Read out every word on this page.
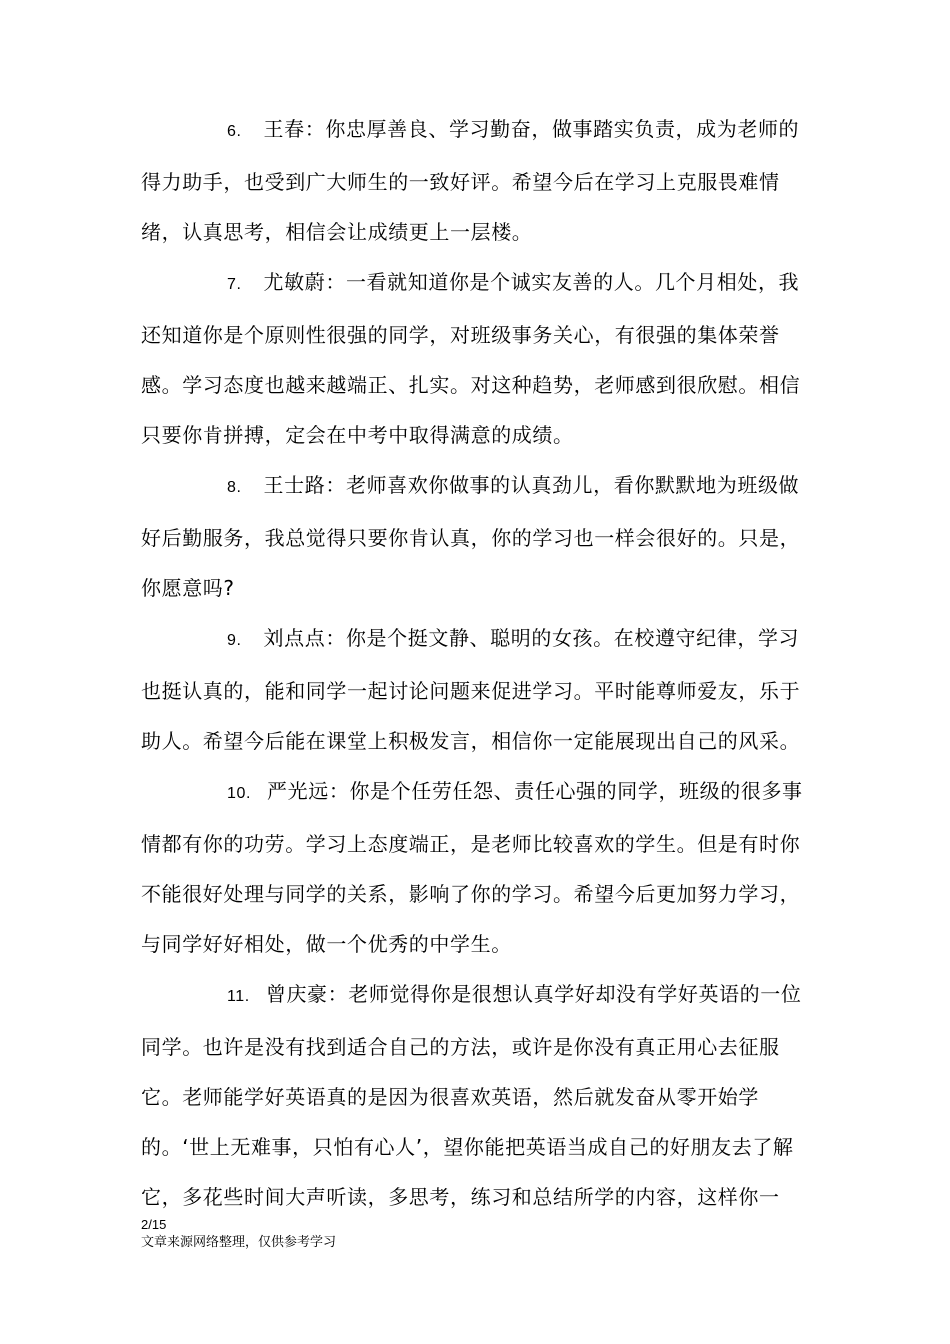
6. 王春：你忠厚善良、学习勤奋，做事踏实负责，成为老师的得力助手，也受到广大师生的一致好评。希望今后在学习上克服畏难情绪，认真思考，相信会让成绩更上一层楼。

7. 尤敏蔚：一看就知道你是个诚实友善的人。几个月相处，我还知道你是个原则性很强的同学，对班级事务关心，有很强的集体荣誉感。学习态度也越来越端正、扎实。对这种趋势，老师感到很欣慰。相信只要你肯拼搏，定会在中考中取得满意的成绩。

8. 王士路：老师喜欢你做事的认真劲儿，看你默默地为班级做好后勤服务，我总觉得只要你肯认真，你的学习也一样会很好的。只是，你愿意吗?

9. 刘点点：你是个挺文静、聪明的女孩。在校遵守纪律，学习也挺认真的，能和同学一起讨论问题来促进学习。平时能尊师爱友，乐于助人。希望今后能在课堂上积极发言，相信你一定能展现出自己的风采。

10. 严光远：你是个任劳任怨、责任心强的同学，班级的很多事情都有你的功劳。学习上态度端正，是老师比较喜欢的学生。但是有时你不能很好处理与同学的关系，影响了你的学习。希望今后更加努力学习，与同学好好相处，做一个优秀的中学生。

11. 曾庆豪：老师觉得你是很想认真学好却没有学好英语的一位同学。也许是没有找到适合自己的方法，或许是你没有真正用心去征服它。老师能学好英语真的是因为很喜欢英语，然后就发奋从零开始学的。‘世上无难事，只怕有心人’，望你能把英语当成自己的好朋友去了解它，多花些时间大声听读，多思考，练习和总结所学的内容，这样你一

2/15
文章来源网络整理，仅供参考学习
